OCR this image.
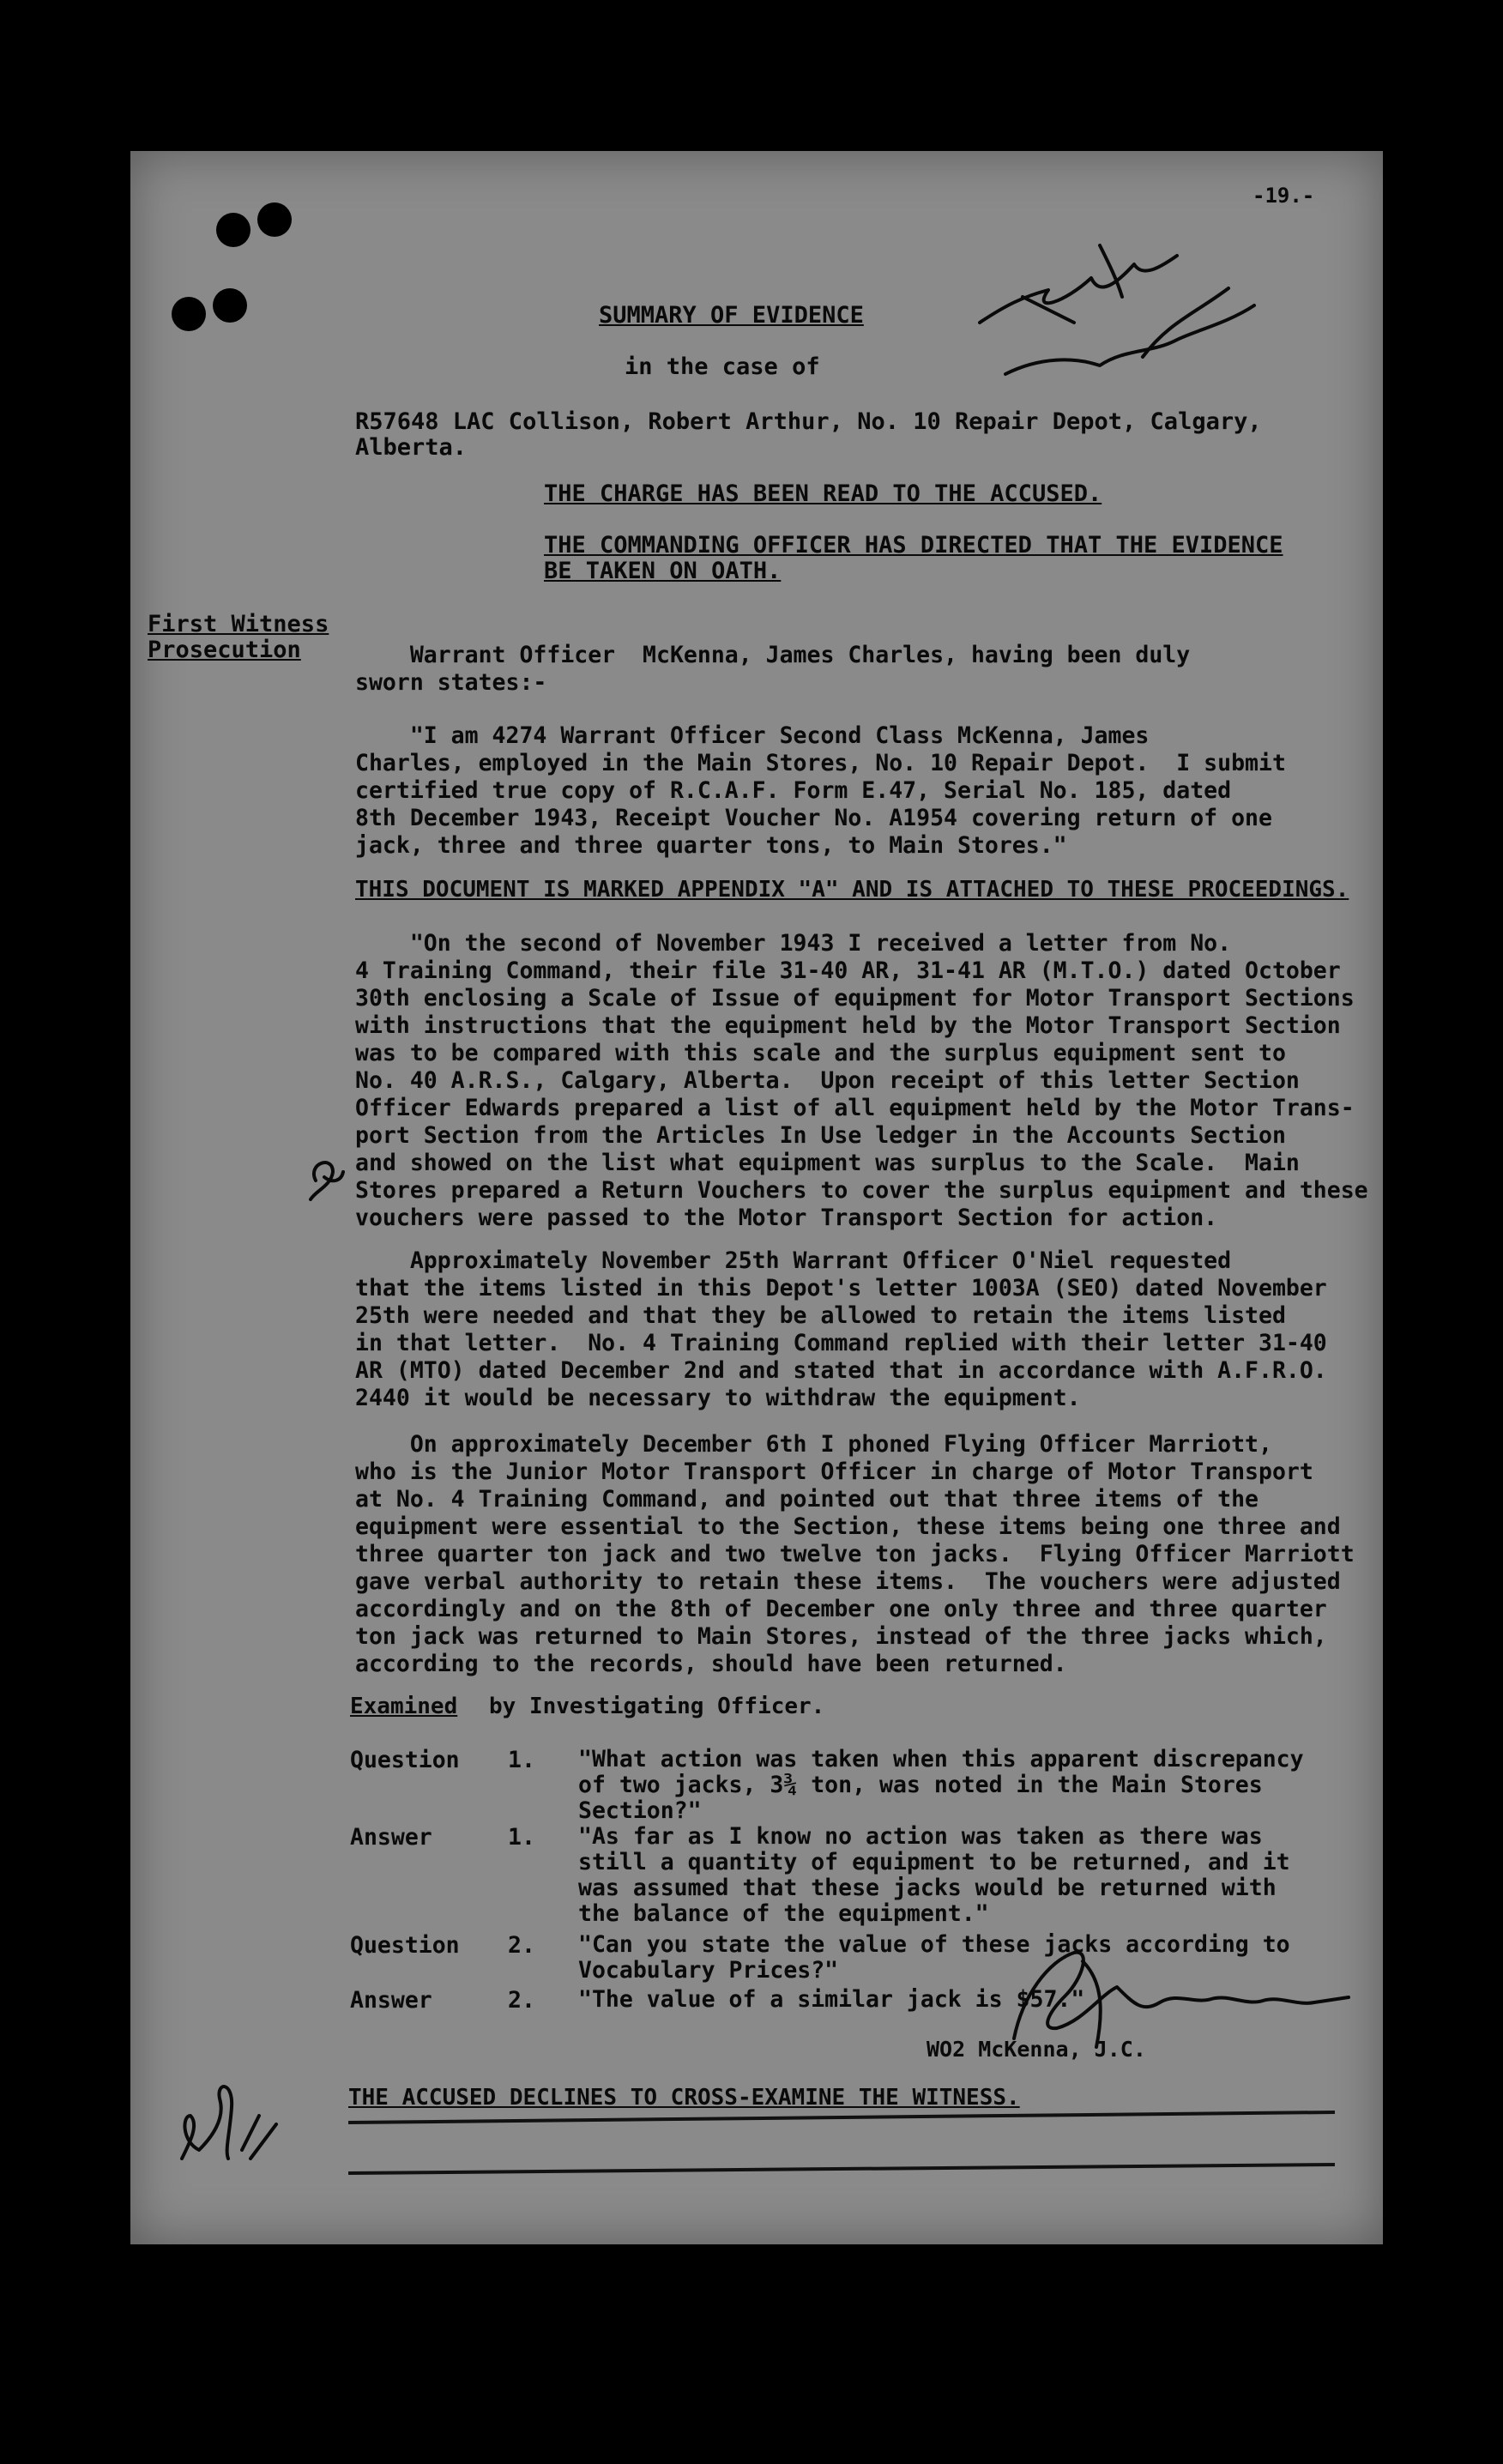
-19.-
SUMMARY OF EVIDENCE
in the case of
R57648 LAC Collison, Robert Arthur, No. 10 Repair Depot, Calgary,
Alberta.
THE CHARGE HAS BEEN READ TO THE ACCUSED.
THE COMMANDING OFFICER HAS DIRECTED THAT THE EVIDENCE
BE TAKEN ON OATH.
First Witness
Prosecution Warrant Officer  McKenna, James Charles, having been duly
sworn states:-
"I am 4274 Warrant Officer Second Class McKenna, James
Charles, employed in the Main Stores, No. 10 Repair Depot.  I submit
certified true copy of R.C.A.F. Form E.47, Serial No. 185, dated
8th December 1943, Receipt Voucher No. A1954 covering return of one
jack, three and three quarter tons, to Main Stores."
THIS DOCUMENT IS MARKED APPENDIX "A" AND IS ATTACHED TO THESE PROCEEDINGS.
"On the second of November 1943 I received a letter from No.
4 Training Command, their file 31-40 AR, 31-41 AR (M.T.O.) dated October
30th enclosing a Scale of Issue of equipment for Motor Transport Sections
with instructions that the equipment held by the Motor Transport Section
was to be compared with this scale and the surplus equipment sent to
No. 40 A.R.S., Calgary, Alberta.  Upon receipt of this letter Section
Officer Edwards prepared a list of all equipment held by the Motor Trans-
port Section from the Articles In Use ledger in the Accounts Section
and showed on the list what equipment was surplus to the Scale.  Main
Stores prepared a Return Vouchers to cover the surplus equipment and these
vouchers were passed to the Motor Transport Section for action.
Approximately November 25th Warrant Officer O'Niel requested
that the items listed in this Depot's letter 1003A (SEO) dated November
25th were needed and that they be allowed to retain the items listed
in that letter.  No. 4 Training Command replied with their letter 31-40
AR (MTO) dated December 2nd and stated that in accordance with A.F.R.O.
2440 it would be necessary to withdraw the equipment.
On approximately December 6th I phoned Flying Officer Marriott,
who is the Junior Motor Transport Officer in charge of Motor Transport
at No. 4 Training Command, and pointed out that three items of the
equipment were essential to the Section, these items being one three and
three quarter ton jack and two twelve ton jacks.  Flying Officer Marriott
gave verbal authority to retain these items.  The vouchers were adjusted
accordingly and on the 8th of December one only three and three quarter
ton jack was returned to Main Stores, instead of the three jacks which,
according to the records, should have been returned.
Examined by Investigating Officer.
Question 1. "What action was taken when this apparent discrepancy
of two jacks, 3¾ ton, was noted in the Main Stores
Section?"
Answer	1. "As far as I know no action was taken as there was
still a quantity of equipment to be returned, and it
was assumed that these jacks would be returned with
the balance of the equipment."
Question 2. "Can you state the value of these jacks according to
Vocabulary Prices?"
Answer	2. "The value of a similar jack is $57."
WO2 McKenna, J.C.
THE ACCUSED DECLINES TO CROSS-EXAMINE THE WITNESS.
